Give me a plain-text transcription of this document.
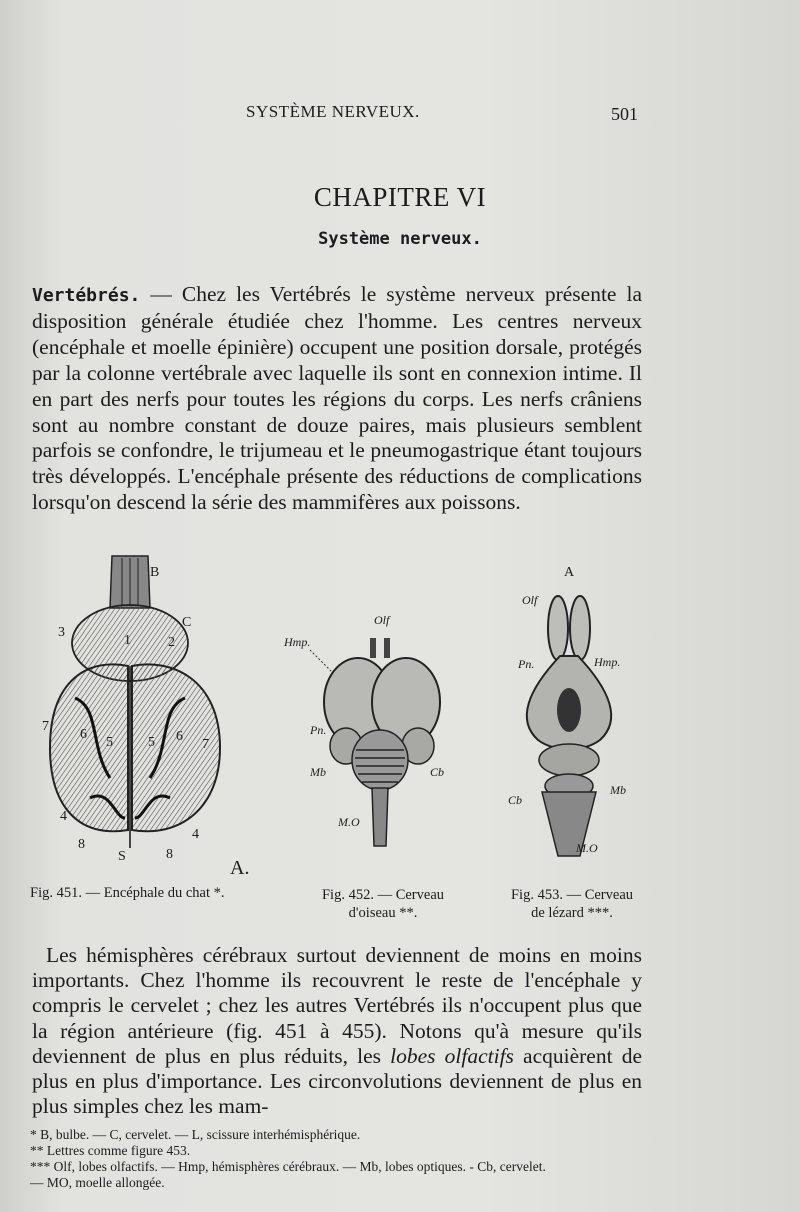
SYSTÈME NERVEUX.	501
CHAPITRE VI
Système nerveux.
Vertébrés. — Chez les Vertébrés le système nerveux présente la disposition générale étudiée chez l'homme. Les centres nerveux (encéphale et moelle épinière) occupent une position dorsale, protégés par la colonne vertébrale avec laquelle ils sont en connexion intime. Il en part des nerfs pour toutes les régions du corps. Les nerfs crâniens sont au nombre constant de douze paires, mais plusieurs semblent parfois se confondre, le trijumeau et le pneumogastrique étant toujours très développés. L'encéphale présente des réductions de complications lorsqu'on descend la série des mammifères aux poissons.
B
C
3
2
1
7
6
5	5 6
7
4
4
8
S	8
A.
Olf
Hmp.
Pn.
Mb	Cb
M.O
A
Olf
Pn.	Hmp.
Mb
Cb
M.O
Fig. 451. — Encéphale du chat *.	Fig. 452. — Cerveau
d'oiseau **.
Fig. 453. — Cerveau
de lézard ***.
Les hémisphères cérébraux surtout deviennent de moins en moins importants. Chez l'homme ils recouvrent le reste de l'encéphale y compris le cervelet ; chez les autres Vertébrés ils n'occupent plus que la région antérieure (fig. 451 à 455). Notons qu'à mesure qu'ils deviennent de plus en plus réduits, les lobes olfactifs acquièrent de plus en plus d'importance. Les circonvolutions deviennent de plus en plus simples chez les mam-
* B, bulbe. — C, cervelet. — L, scissure interhémisphérique.
** Lettres comme figure 453.
*** Olf, lobes olfactifs. — Hmp, hémisphères cérébraux. — Mb, lobes optiques. - Cb, cervelet.
— MO, moelle allongée.
